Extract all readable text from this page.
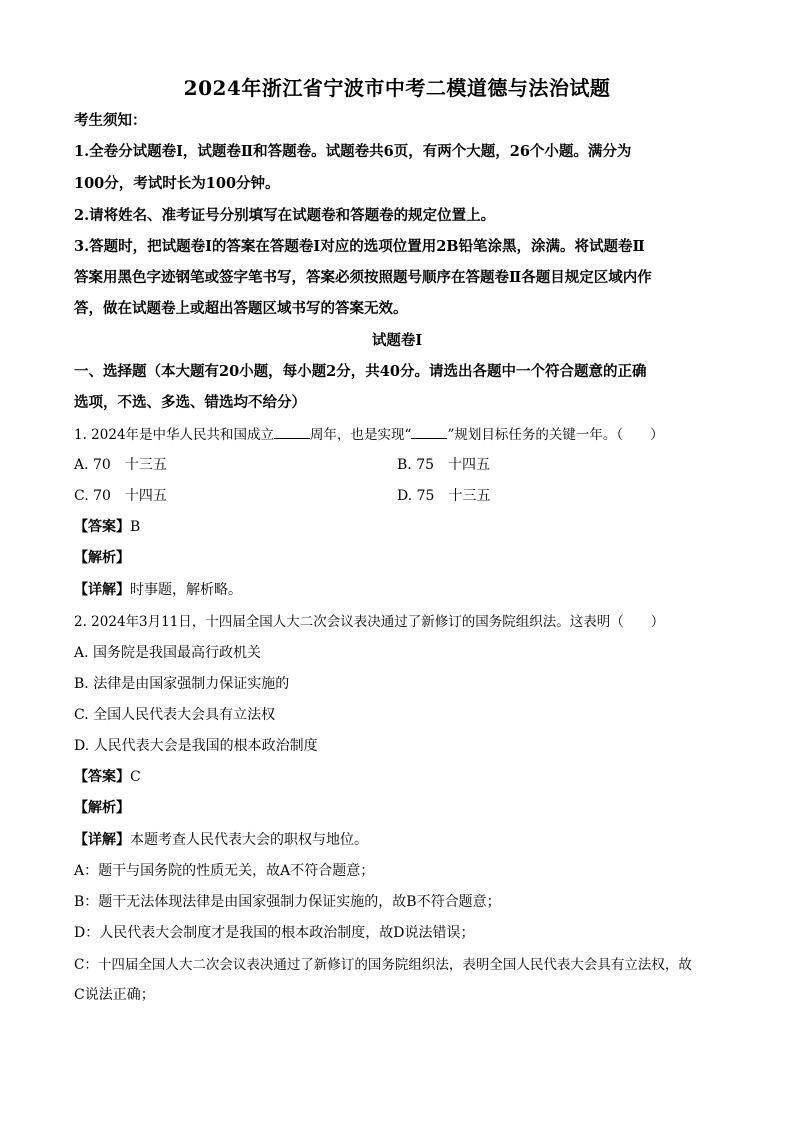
2024年浙江省宁波市中考二模道德与法治试题
考生须知：
1.全卷分试题卷Ⅰ，试题卷Ⅱ和答题卷。试题卷共6页，有两个大题，26个小题。满分为
100分，考试时长为100分钟。
2.请将姓名、准考证号分别填写在试题卷和答题卷的规定位置上。
3.答题时，把试题卷Ⅰ的答案在答题卷Ⅰ对应的选项位置用2B铅笔涂黑，涂满。将试题卷Ⅱ
答案用黑色字迹钢笔或签字笔书写，答案必须按照题号顺序在答题卷Ⅱ各题目规定区域内作
答，做在试题卷上或超出答题区域书写的答案无效。
试题卷Ⅰ
一、选择题（本大题有20小题，每小题2分，共40分。请选出各题中一个符合题意的正确
选项，不选、多选、错选均不给分）
1. 2024年是中华人民共和国成立	周年，也是实现“	”规划目标任务的关键一年。（　　）
A. 70　十三五	B. 75　十四五
C. 70　十四五	D. 75　十三五
【答案】B
【解析】
【详解】时事题，解析略。
2. 2024年3月11日，十四届全国人大二次会议表决通过了新修订的国务院组织法。这表明（　　）
A. 国务院是我国最高行政机关
B. 法律是由国家强制力保证实施的
C. 全国人民代表大会具有立法权
D. 人民代表大会是我国的根本政治制度
【答案】C
【解析】
【详解】本题考查人民代表大会的职权与地位。
A：题干与国务院的性质无关，故A不符合题意；
B：题干无法体现法律是由国家强制力保证实施的，故B不符合题意；
D：人民代表大会制度才是我国的根本政治制度，故D说法错误；
C：十四届全国人大二次会议表决通过了新修订的国务院组织法，表明全国人民代表大会具有立法权，故
C说法正确；
